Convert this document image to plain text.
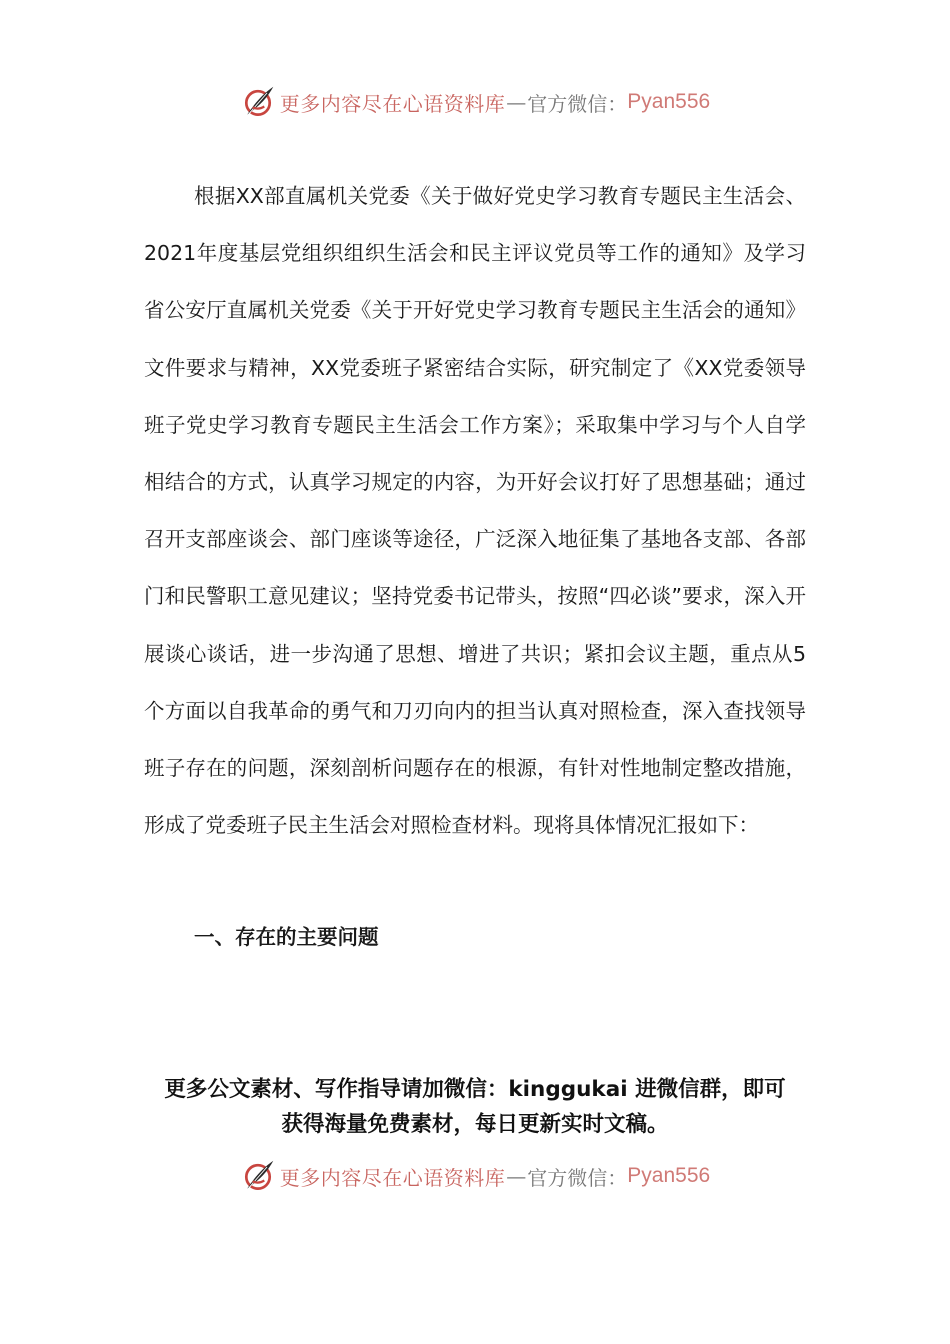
更多内容尽在心语资料库 — 官方微信： Pyan556

根据XX部直属机关党委《关于做好党史学习教育专题民主生活会、2021年度基层党组织组织生活会和民主评议党员等工作的通知》及学习省公安厅直属机关党委《关于开好党史学习教育专题民主生活会的通知》文件要求与精神，XX党委班子紧密结合实际，研究制定了《XX党委领导班子党史学习教育专题民主生活会工作方案》；采取集中学习与个人自学相结合的方式，认真学习规定的内容，为开好会议打好了思想基础；通过召开支部座谈会、部门座谈等途径，广泛深入地征集了基地各支部、各部门和民警职工意见建议；坚持党委书记带头，按照“四必谈”要求，深入开展谈心谈话，进一步沟通了思想、增进了共识；紧扣会议主题，重点从5个方面以自我革命的勇气和刀刃向内的担当认真对照检查，深入查找领导班子存在的问题，深刻剖析问题存在的根源，有针对性地制定整改措施，形成了党委班子民主生活会对照检查材料。现将具体情况汇报如下：

一、存在的主要问题

更多公文素材、写作指导请加微信：kinggukai 进微信群，即可
获得海量免费素材，每日更新实时文稿。
更多内容尽在心语资料库 — 官方微信： Pyan556
